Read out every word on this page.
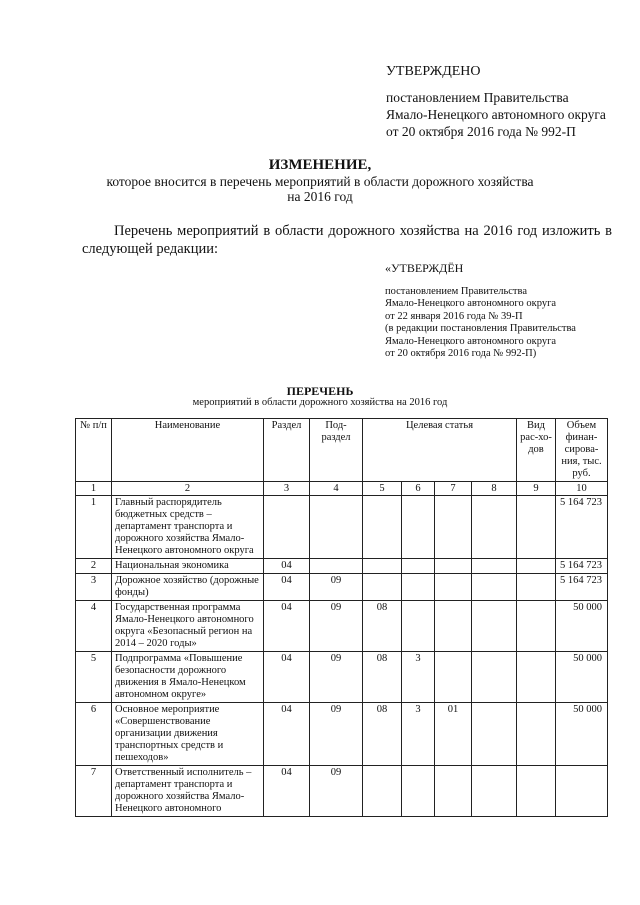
УТВЕРЖДЕНО
постановлением Правительства
Ямало-Ненецкого автономного округа
от 20 октября 2016 года № 992-П
ИЗМЕНЕНИЕ,
которое вносится в перечень мероприятий в области дорожного хозяйства
на 2016 год
Перечень мероприятий в области дорожного хозяйства на 2016 год изложить в следующей редакции:
«УТВЕРЖДЁН
постановлением Правительства
Ямало-Ненецкого автономного округа
от 22 января 2016 года № 39-П
(в редакции постановления Правительства
Ямало-Ненецкого автономного округа
от 20 октября 2016 года № 992-П)
ПЕРЕЧЕНЬ
мероприятий в области дорожного хозяйства на 2016 год
№ п/п	Наименование	Раздел	Под-раздел	Целевая статья				Вид рас-хо-дов	Объем финан-сирова-ния, тыс. руб.
1	2	3	4	5	6	7	8	9	10
1	Главный распорядитель бюджетных средств – департамент транспорта и дорожного хозяйства Ямало-Ненецкого автономного округа								5 164 723
2	Национальная экономика	04							5 164 723
3	Дорожное хозяйство (дорожные фонды)	04	09						5 164 723
4	Государственная программа Ямало-Ненецкого автономного округа «Безопасный регион на 2014 – 2020 годы»	04	09	08					50 000
5	Подпрограмма «Повышение безопасности дорожного движения в Ямало-Ненецком автономном округе»	04	09	08	3				50 000
6	Основное мероприятие «Совершенствование организации движения транспортных средств и пешеходов»	04	09	08	3	01			50 000
7	Ответственный исполнитель – департамент транспорта и дорожного хозяйства Ямало-Ненецкого автономного	04	09						
